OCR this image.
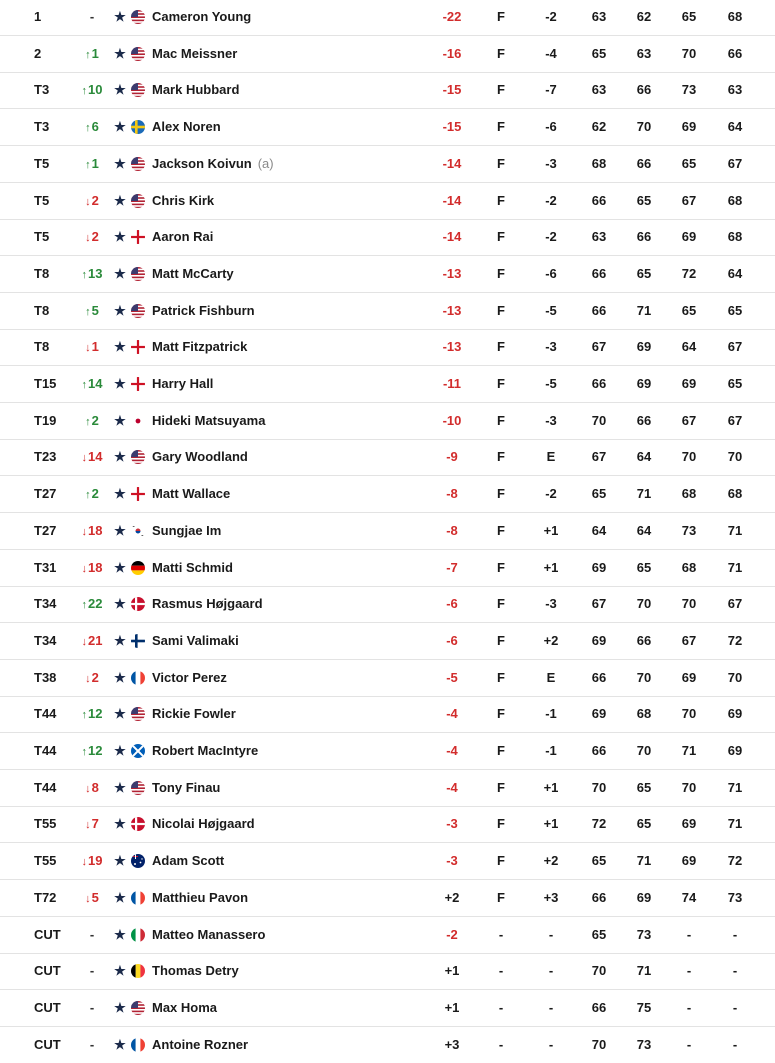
1	-	★ Cameron Young	-22	F	-2	63	62	65	68
2	↑1	★ Mac Meissner	-16	F	-4	65	63	70	66
T3	↑10 ★ Mark Hubbard	-15	F	-7	63	66	73	63
T3	↑6	★ Alex Noren	-15	F	-6	62	70	69	64
T5	↑1	★ Jackson Koivun (a)	-14	F	-3	68	66	65	67
T5	↓2	★ Chris Kirk	-14	F	-2	66	65	67	68
T5	↓2	★ Aaron Rai	-14	F	-2	63	66	69	68
T8	↑13 ★ Matt McCarty	-13	F	-6	66	65	72	64
T8	↑5	★ Patrick Fishburn	-13	F	-5	66	71	65	65
T8	↓1	★ Matt Fitzpatrick	-13	F	-3	67	69	64	67
T15	↑14 ★ Harry Hall	-11	F	-5	66	69	69	65
T19	↑2	★ Hideki Matsuyama	-10	F	-3	70	66	67	67
T23	↓14 ★ Gary Woodland	-9	F	E	67	64	70	70
T27	↑2	★ Matt Wallace	-8	F	-2	65	71	68	68
T27	↓18 ★ Sungjae Im	-8	F	+1	64	64	73	71
T31	↓18 ★ Matti Schmid	-7	F	+1	69	65	68	71
T34	↑22 ★ Rasmus Højgaard	-6	F	-3	67	70	70	67
T34	↓21 ★ Sami Valimaki	-6	F	+2	69	66	67	72
T38	↓2	★ Victor Perez	-5	F	E	66	70	69	70
T44	↑12 ★ Rickie Fowler	-4	F	-1	69	68	70	69
T44	↑12 ★ Robert MacIntyre	-4	F	-1	66	70	71	69
T44	↓8	★ Tony Finau	-4	F	+1	70	65	70	71
T55	↓7	★ Nicolai Højgaard	-3	F	+1	72	65	69	71
T55	↓19 ★ Adam Scott	-3	F	+2	65	71	69	72
T72	↓5	★ Matthieu Pavon	+2	F	+3	66	69	74	73
CUT	-	★ Matteo Manassero	-2	-	-	65	73	-	-
CUT	-	★ Thomas Detry	+1	-	-	70	71	-	-
CUT	-	★ Max Homa	+1	-	-	66	75	-	-
CUT	-	★ Antoine Rozner	+3	-	-	70	73	-	-
